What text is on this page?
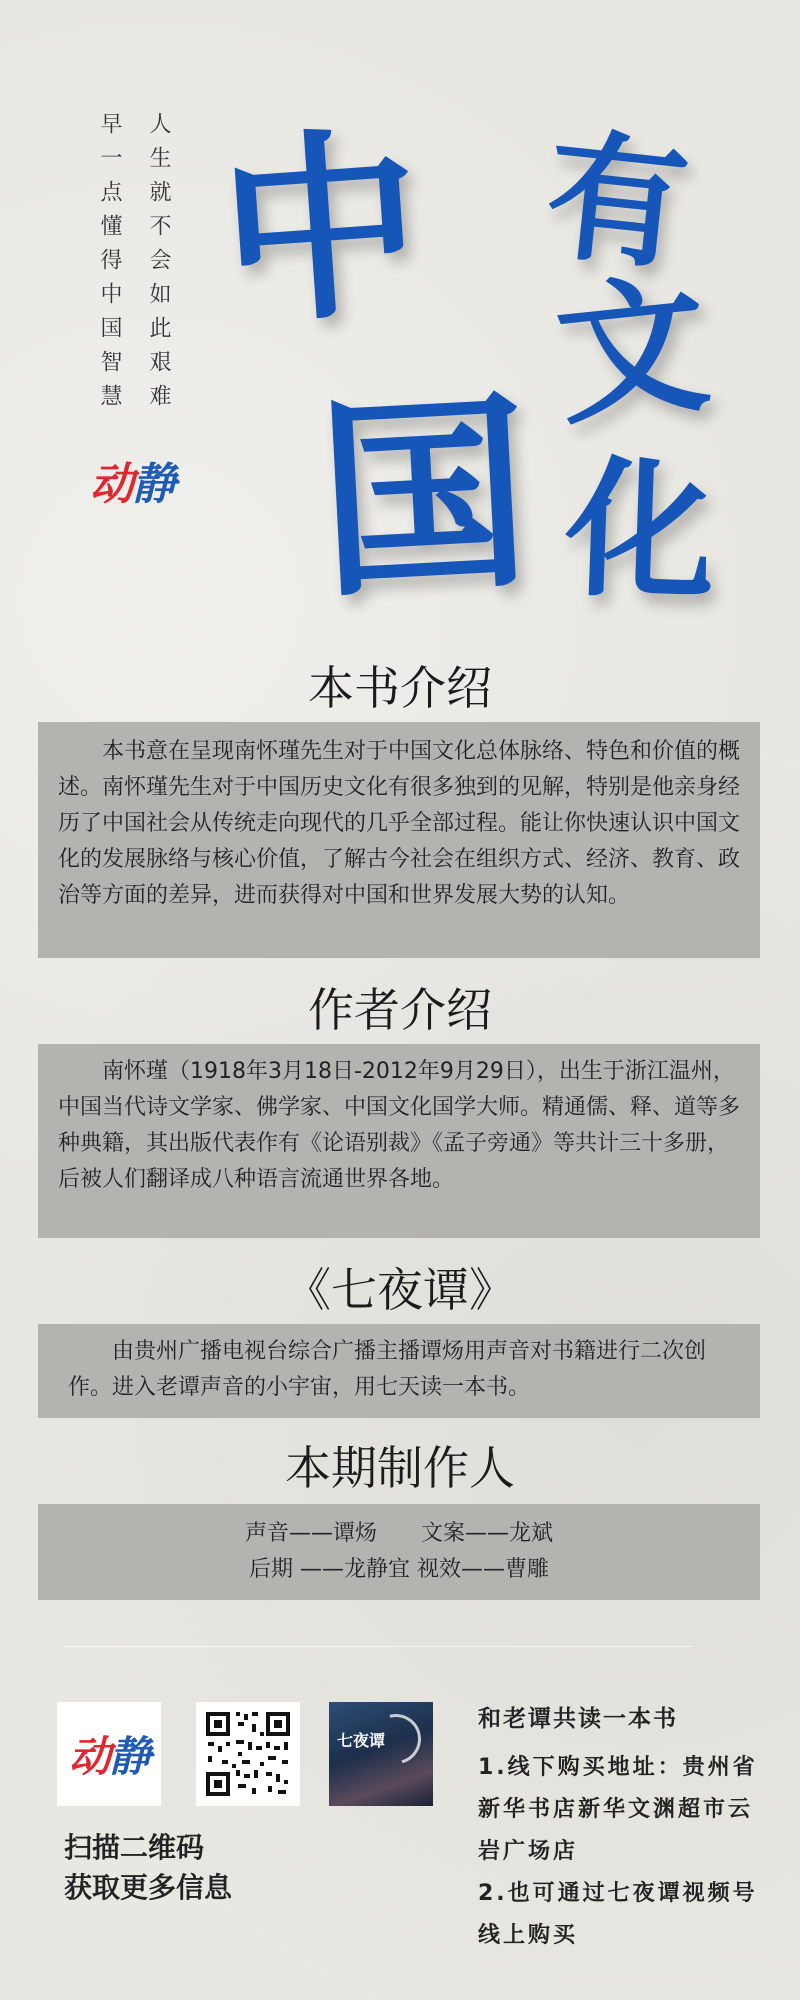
人生就不会如此艰难
早一点懂得中国智慧
动静
中
国
有
文
化
本书介绍

本书意在呈现南怀瑾先生对于中国文化总体脉络、特色和价值的概述。南怀瑾先生对于中国历史文化有很多独到的见解，特别是他亲身经历了中国社会从传统走向现代的几乎全部过程。能让你快速认识中国文化的发展脉络与核心价值，了解古今社会在组织方式、经济、教育、政治等方面的差异，进而获得对中国和世界发展大势的认知。

作者介绍

南怀瑾（1918年3月18日-2012年9月29日），出生于浙江温州，中国当代诗文学家、佛学家、中国文化国学大师。精通儒、释、道等多种典籍，其出版代表作有《论语别裁》《孟子旁通》等共计三十多册，后被人们翻译成八种语言流通世界各地。

《七夜谭》

由贵州广播电视台综合广播主播谭炀用声音对书籍进行二次创作。进入老谭声音的小宇宙，用七天读一本书。

本期制作人
声音——谭炀　　文案——龙斌
后期 ——龙静宜 视效——曹雕
动静	七夜谭
扫描二维码
获取更多信息
和老谭共读一本书

1.线下购买地址：贵州省新华书店新华文渊超市云岩广场店

2.也可通过七夜谭视频号线上购买
